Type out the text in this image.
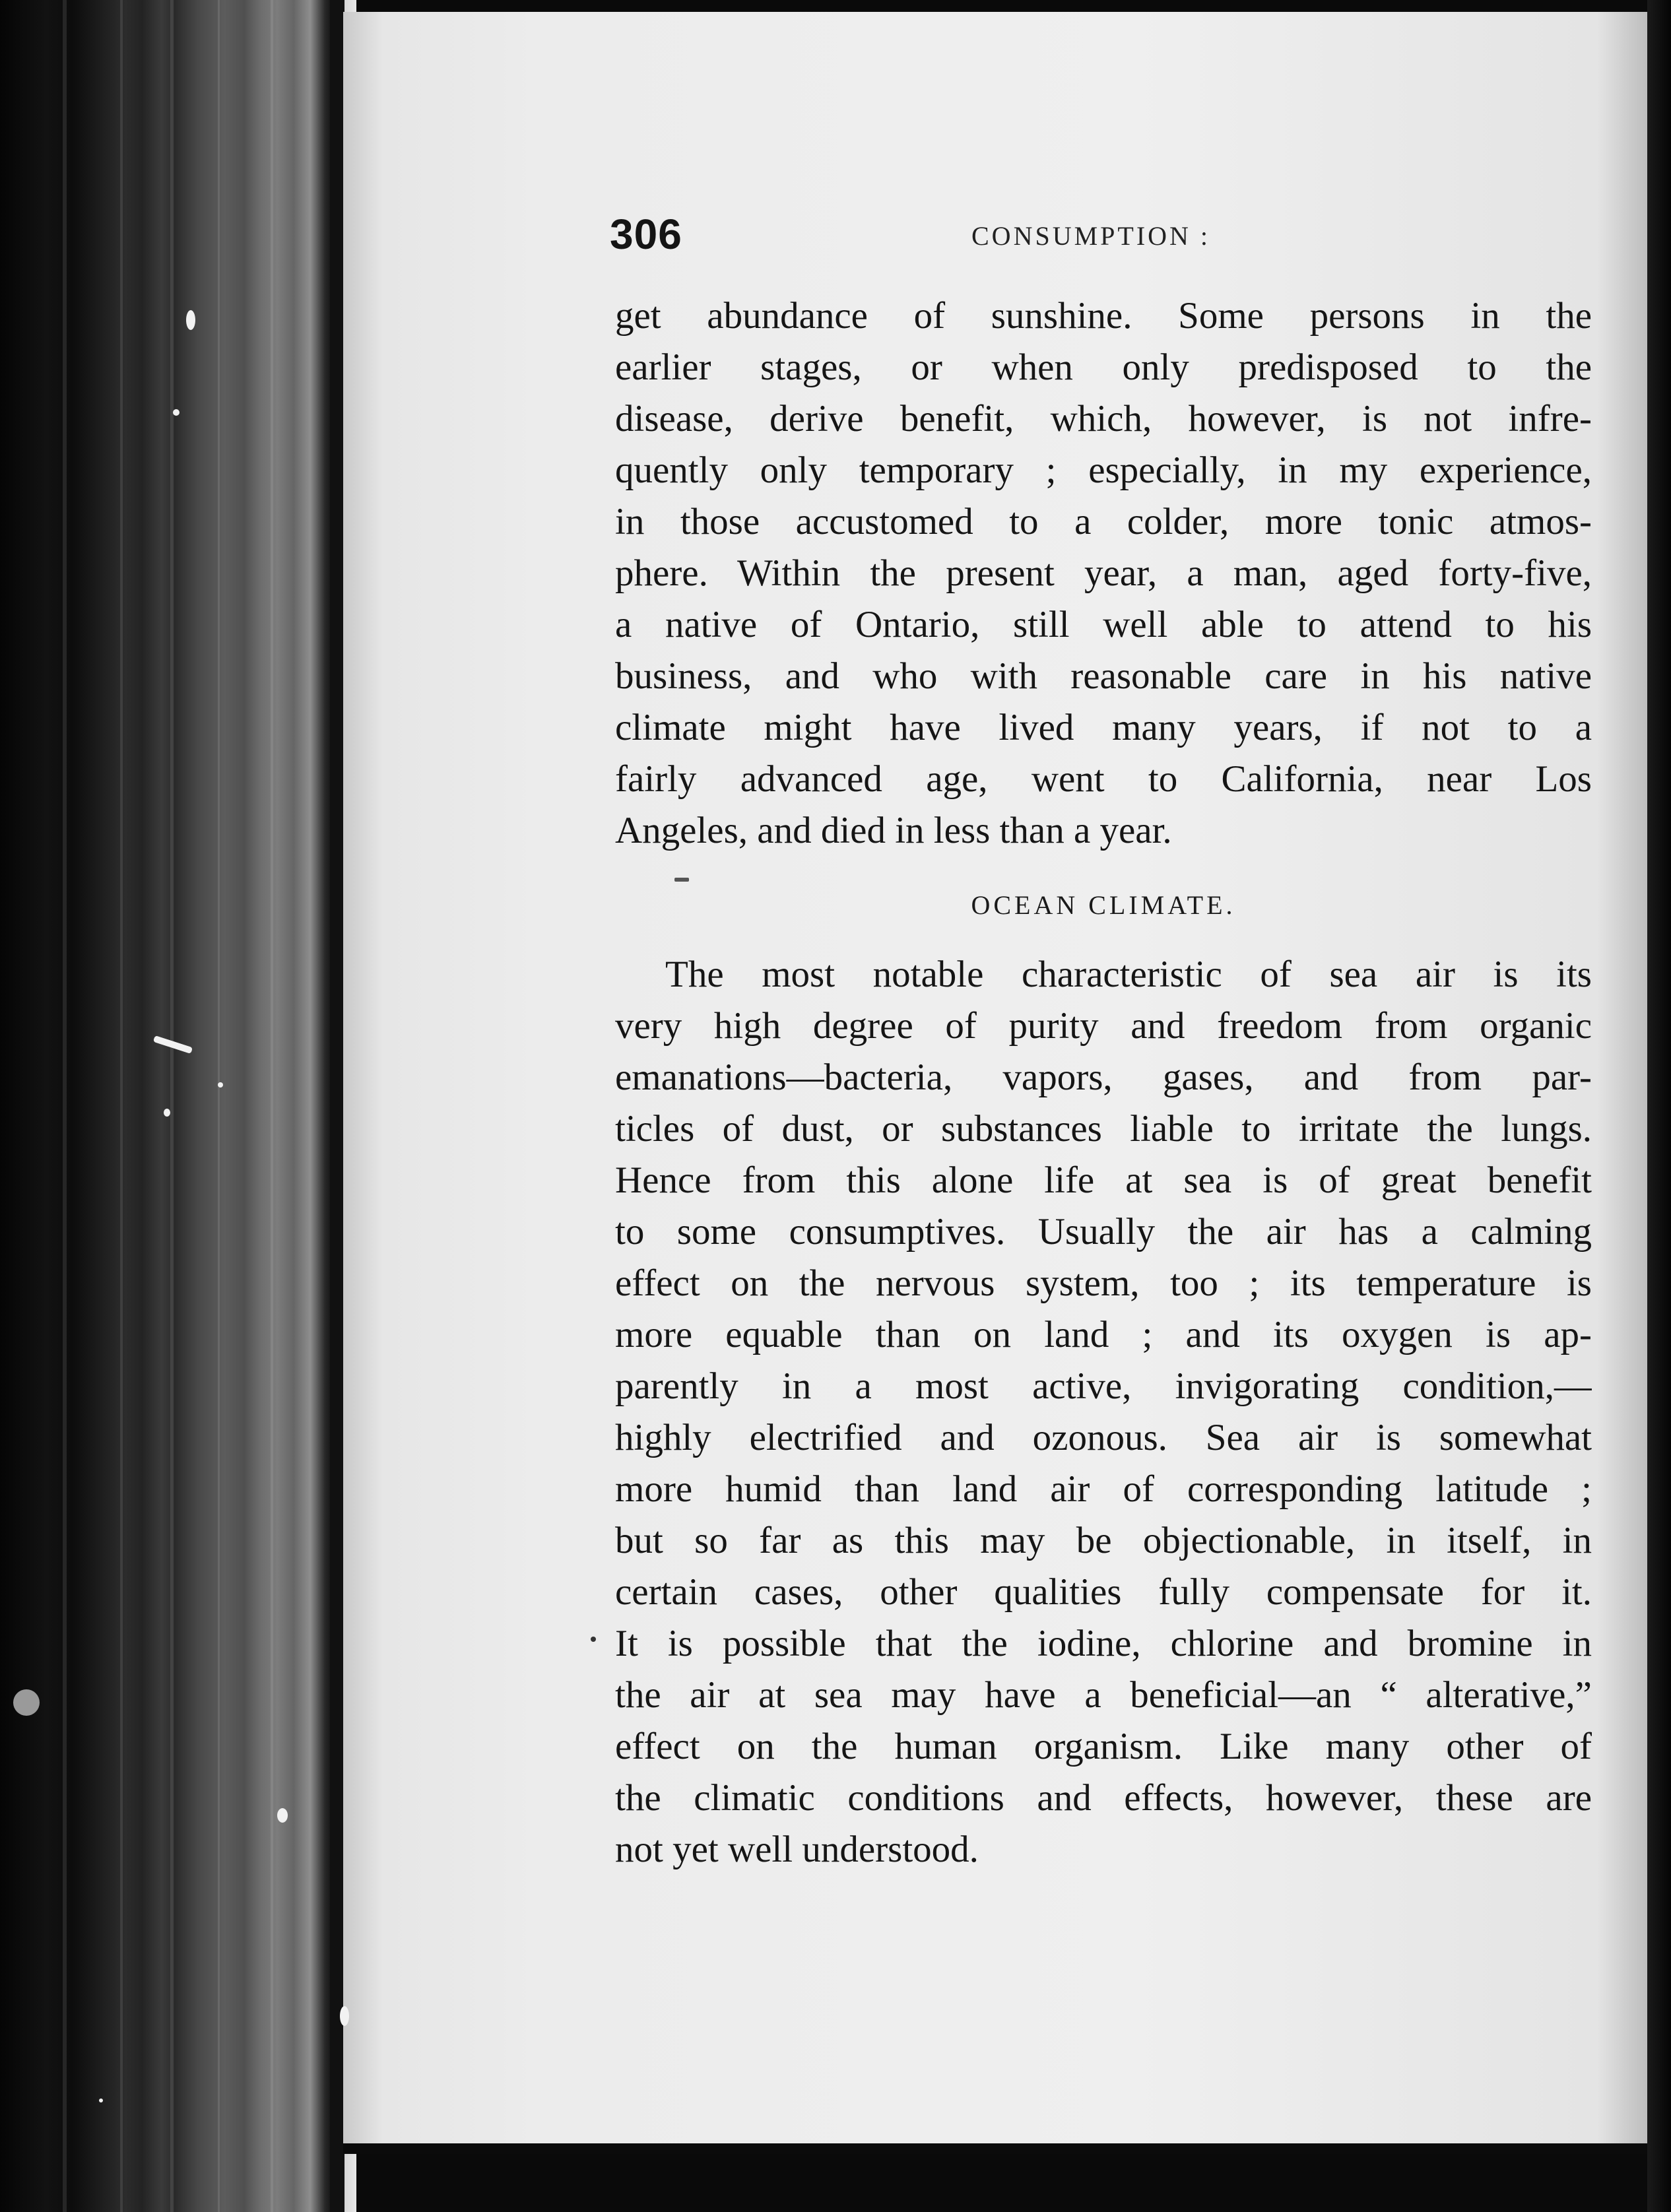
306	CONSUMPTION :
get abundance of sunshine. Some persons in the
earlier stages, or when only predisposed to the
disease, derive benefit, which, however, is not infre-
quently only temporary ; especially, in my experience,
in those accustomed to a colder, more tonic atmos-
phere. Within the present year, a man, aged forty-five,
a native of Ontario, still well able to attend to his
business, and who with reasonable care in his native
climate might have lived many years, if not to a
fairly advanced age, went to California, near Los
Angeles, and died in less than a year.
OCEAN CLIMATE.
The most notable characteristic of sea air is its
very high degree of purity and freedom from organic
emanations—bacteria, vapors, gases, and from par-
ticles of dust, or substances liable to irritate the lungs.
Hence from this alone life at sea is of great benefit
to some consumptives. Usually the air has a calming
effect on the nervous system, too ; its temperature is
more equable than on land ; and its oxygen is ap-
parently in a most active, invigorating condition,—
highly electrified and ozonous. Sea air is somewhat
more humid than land air of corresponding latitude ;
but so far as this may be objectionable, in itself, in
certain cases, other qualities fully compensate for it.
It is possible that the iodine, chlorine and bromine in
the air at sea may have a beneficial—an “ alterative,”
effect on the human organism. Like many other of
the climatic conditions and effects, however, these are
not yet well understood.
